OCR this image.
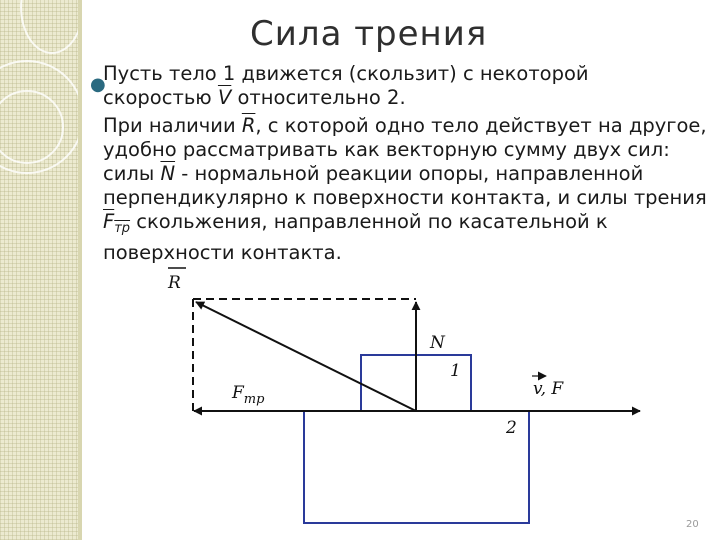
Сила трения
●

Пусть тело 1 движется (скользит) с некоторой скоростью $\overline{V}$ относительно 2.

При наличии $\overline{R}$, с которой одно тело действует на другое, удобно рассматривать как векторную сумму двух сил: силы $\overline{N}$ - нормальной реакции опоры, направленной перпендикулярно к поверхности контакта, и силы трения $F_{тр}$ скольжения, направленной по касательной к поверхности контакта.

R
N
1
2
$F_{тр}$
v, F
20
